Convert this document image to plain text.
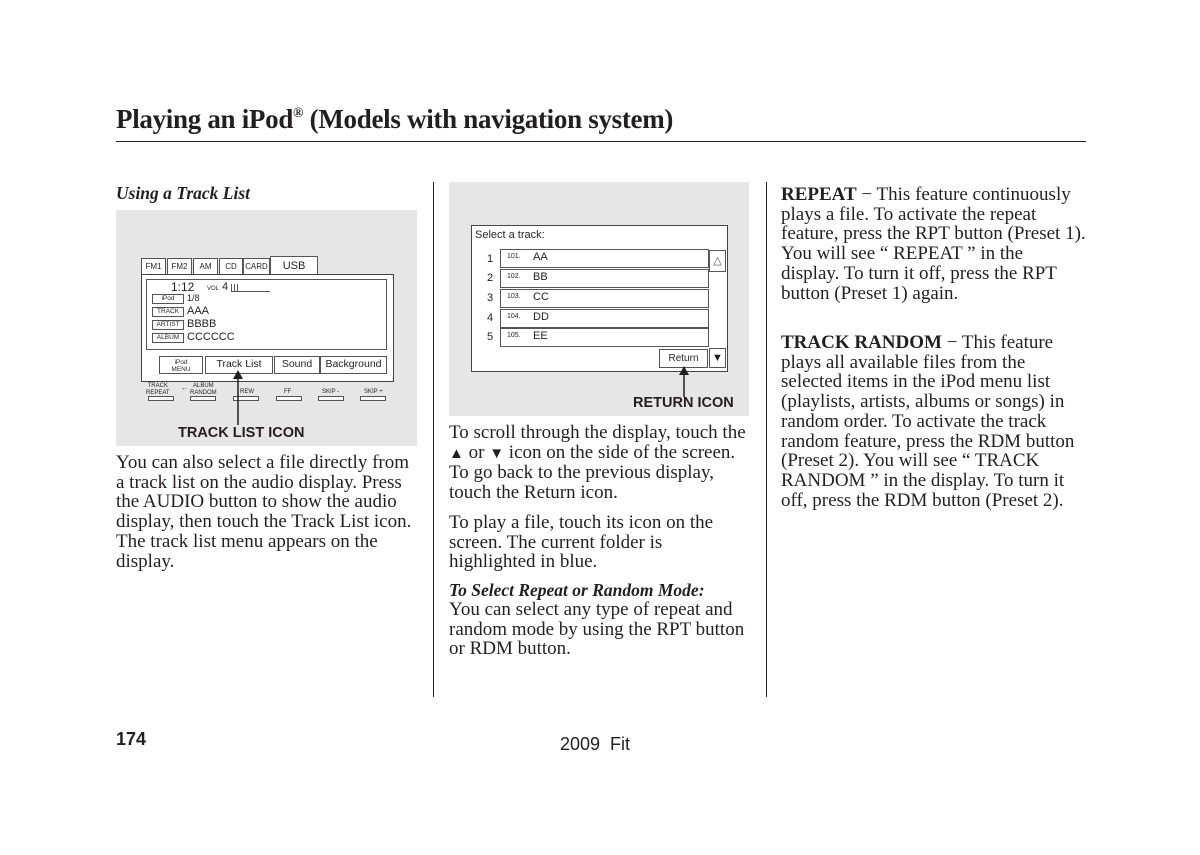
Playing an iPod® (Models with navigation system)
Using a Track List
FM1	FM2	AM	CD	CARD	USB
1:12 VOL 4
iPod	1/8
TRACK AAA
ARTIST BBBB
ALBUM CCCCCC
iPod
MENU	Track List	Sound	Background
TRACK
REPEAT
← ALBUM
RANDOM	REW	FF	SKIP -	SKIP +
TRACK LIST ICON

You can also select a file directly from a track list on the audio display. Press the AUDIO button to show the audio display, then touch the Track List icon. The track list menu appears on the display.

Select a track:
1 101. AA
2 102. BB
3 103. CC
4 104. DD
5 105. EE
△
▼
Return
RETURN ICON

To scroll through the display, touch the ▲ or ▼ icon on the side of the screen. To go back to the previous display, touch the Return icon.

To play a file, touch its icon on the screen. The current folder is highlighted in blue.

To Select Repeat or Random Mode:

You can select any type of repeat and random mode by using the RPT button or RDM button.

REPEAT − This feature continuously plays a file. To activate the repeat feature, press the RPT button (Preset 1). You will see “ REPEAT ” in the display. To turn it off, press the RPT button (Preset 1) again.

TRACK RANDOM − This feature plays all available files from the selected items in the iPod menu list (playlists, artists, albums or songs) in random order. To activate the track random feature, press the RDM button (Preset 2). You will see “ TRACK RANDOM ” in the display. To turn it off, press the RDM button (Preset 2).

174	2009  Fit
